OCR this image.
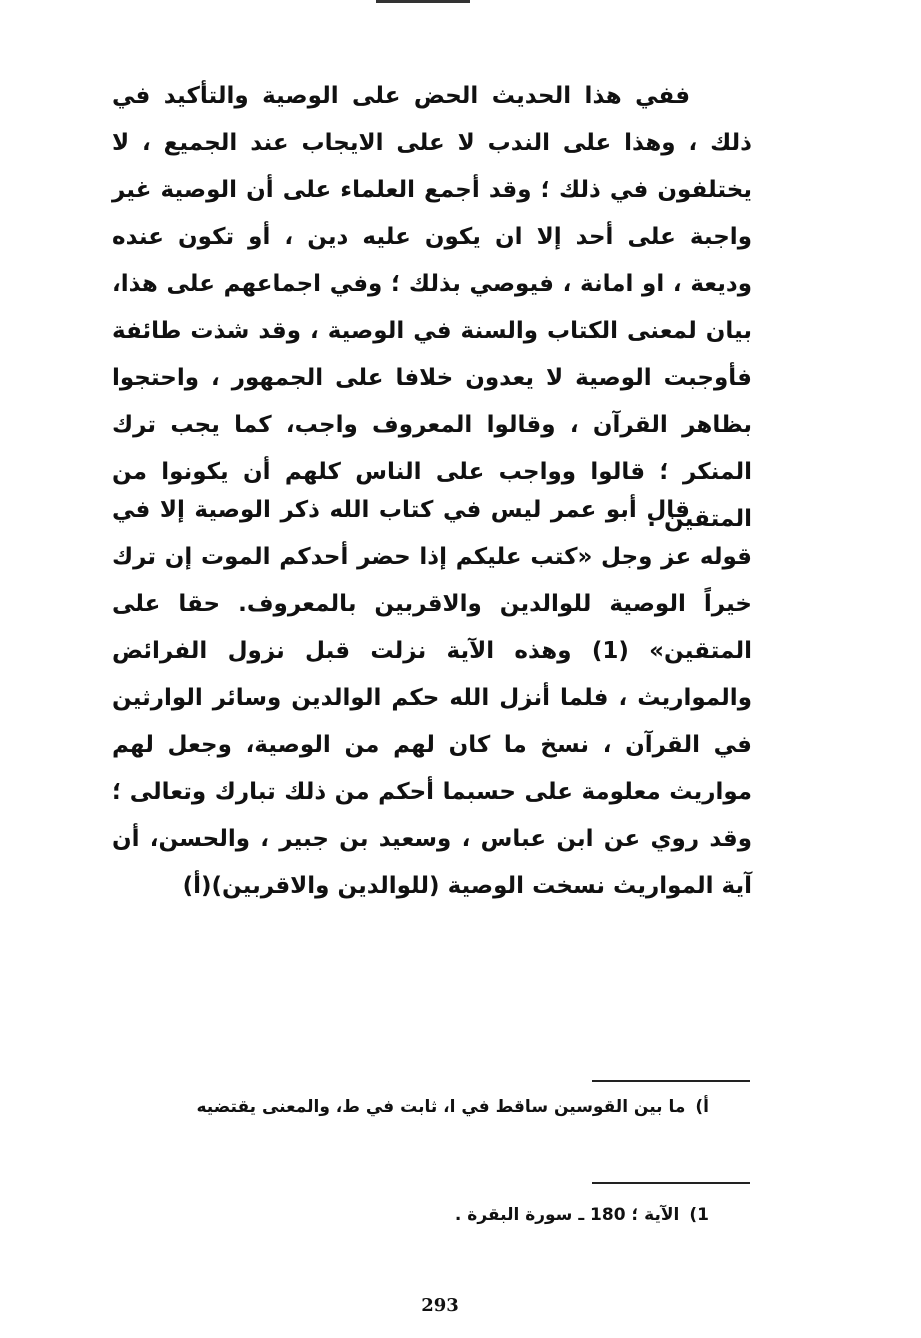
ففي هذا الحديث الحض على الوصية والتأكيد في ذلك ، وهذا على الندب لا على الايجاب عند الجميع ، لا يختلفون في ذلك ؛ وقد أجمع العلماء على أن الوصية غير واجبة على أحد إلا ان يكون عليه دين ، أو تكون عنده وديعة ، او امانة ، فيوصي بذلك ؛ وفي اجماعهم على هذا، بيان لمعنى الكتاب والسنة في الوصية ، وقد شذت طائفة فأوجبت الوصية لا يعدون خلافا على الجمهور ، واحتجوا بظاهر القرآن ، وقالوا المعروف واجب، كما يجب ترك المنكر ؛ قالوا وواجب على الناس كلهم أن يكونوا من المتقين .

قال أبو عمر ليس في كتاب الله ذكر الوصية إلا في قوله عز وجل «كتب عليكم إذا حضر أحدكم الموت إن ترك خيراً الوصية للوالدين والاقربين بالمعروف. حقا على المتقين» (1) وهذه الآية نزلت قبل نزول الفرائض والمواريث ، فلما أنزل الله حكم الوالدين وسائر الوارثين في القرآن ، نسخ ما كان لهم من الوصية، وجعل لهم مواريث معلومة على حسبما أحكم من ذلك تبارك وتعالى ؛ وقد روي عن ابن عباس ، وسعيد بن جبير ، والحسن، أن آية المواريث نسخت الوصية (للوالدين والاقربين)(أ)

أ)ما بين القوسين ساقط في ا، ثابت في ط، والمعنى يقتضيه

1)الآية ؛ 180 ـ سورة البقرة .

293
